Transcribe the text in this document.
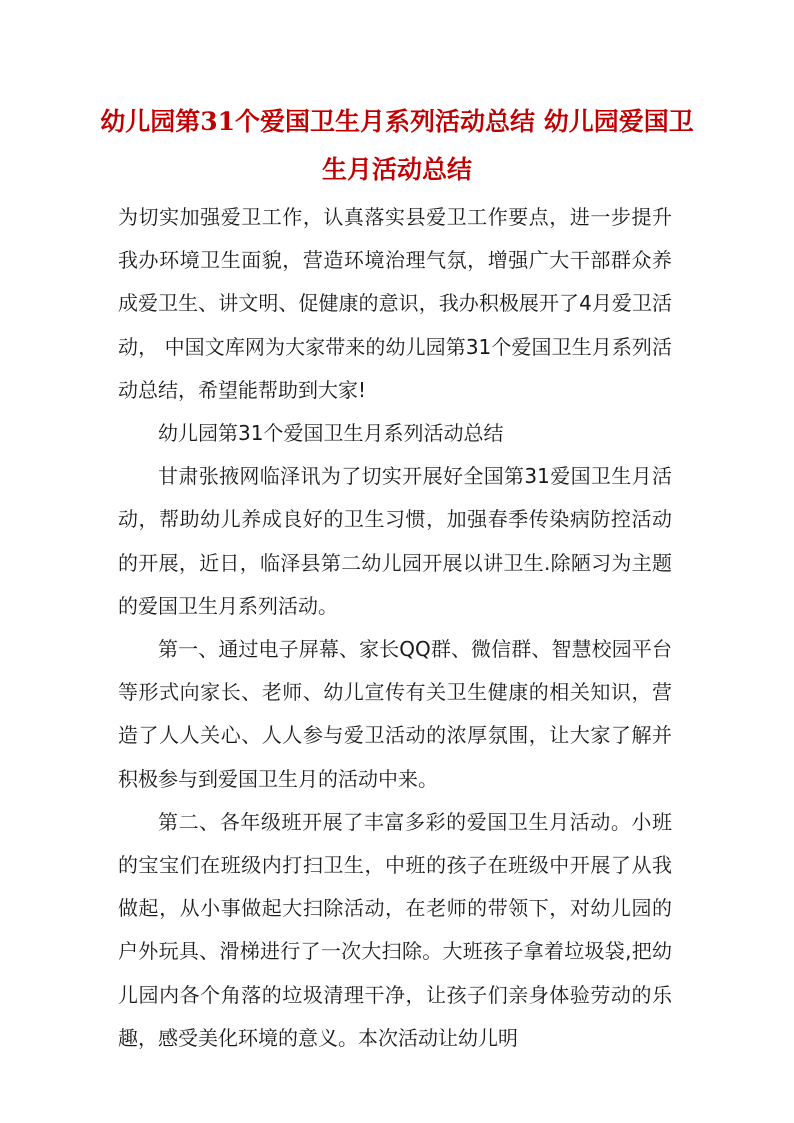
幼儿园第31个爱国卫生月系列活动总结 幼儿园爱国卫生月活动总结

为切实加强爱卫工作，认真落实县爱卫工作要点，进一步提升我办环境卫生面貌，营造环境治理气氛，增强广大干部群众养成爱卫生、讲文明、促健康的意识，我办积极展开了4月爱卫活动， 中国文库网为大家带来的幼儿园第31个爱国卫生月系列活动总结，希望能帮助到大家!

幼儿园第31个爱国卫生月系列活动总结

甘肃张掖网临泽讯为了切实开展好全国第31爱国卫生月活动，帮助幼儿养成良好的卫生习惯，加强春季传染病防控活动的开展，近日，临泽县第二幼儿园开展以讲卫生.除陋习为主题的爱国卫生月系列活动。

第一、通过电子屏幕、家长QQ群、微信群、智慧校园平台等形式向家长、老师、幼儿宣传有关卫生健康的相关知识，营造了人人关心、人人参与爱卫活动的浓厚氛围，让大家了解并积极参与到爱国卫生月的活动中来。

第二、各年级班开展了丰富多彩的爱国卫生月活动。小班的宝宝们在班级内打扫卫生，中班的孩子在班级中开展了从我做起，从小事做起大扫除活动，在老师的带领下，对幼儿园的户外玩具、滑梯进行了一次大扫除。大班孩子拿着垃圾袋,把幼儿园内各个角落的垃圾清理干净，让孩子们亲身体验劳动的乐趣，感受美化环境的意义。本次活动让幼儿明
